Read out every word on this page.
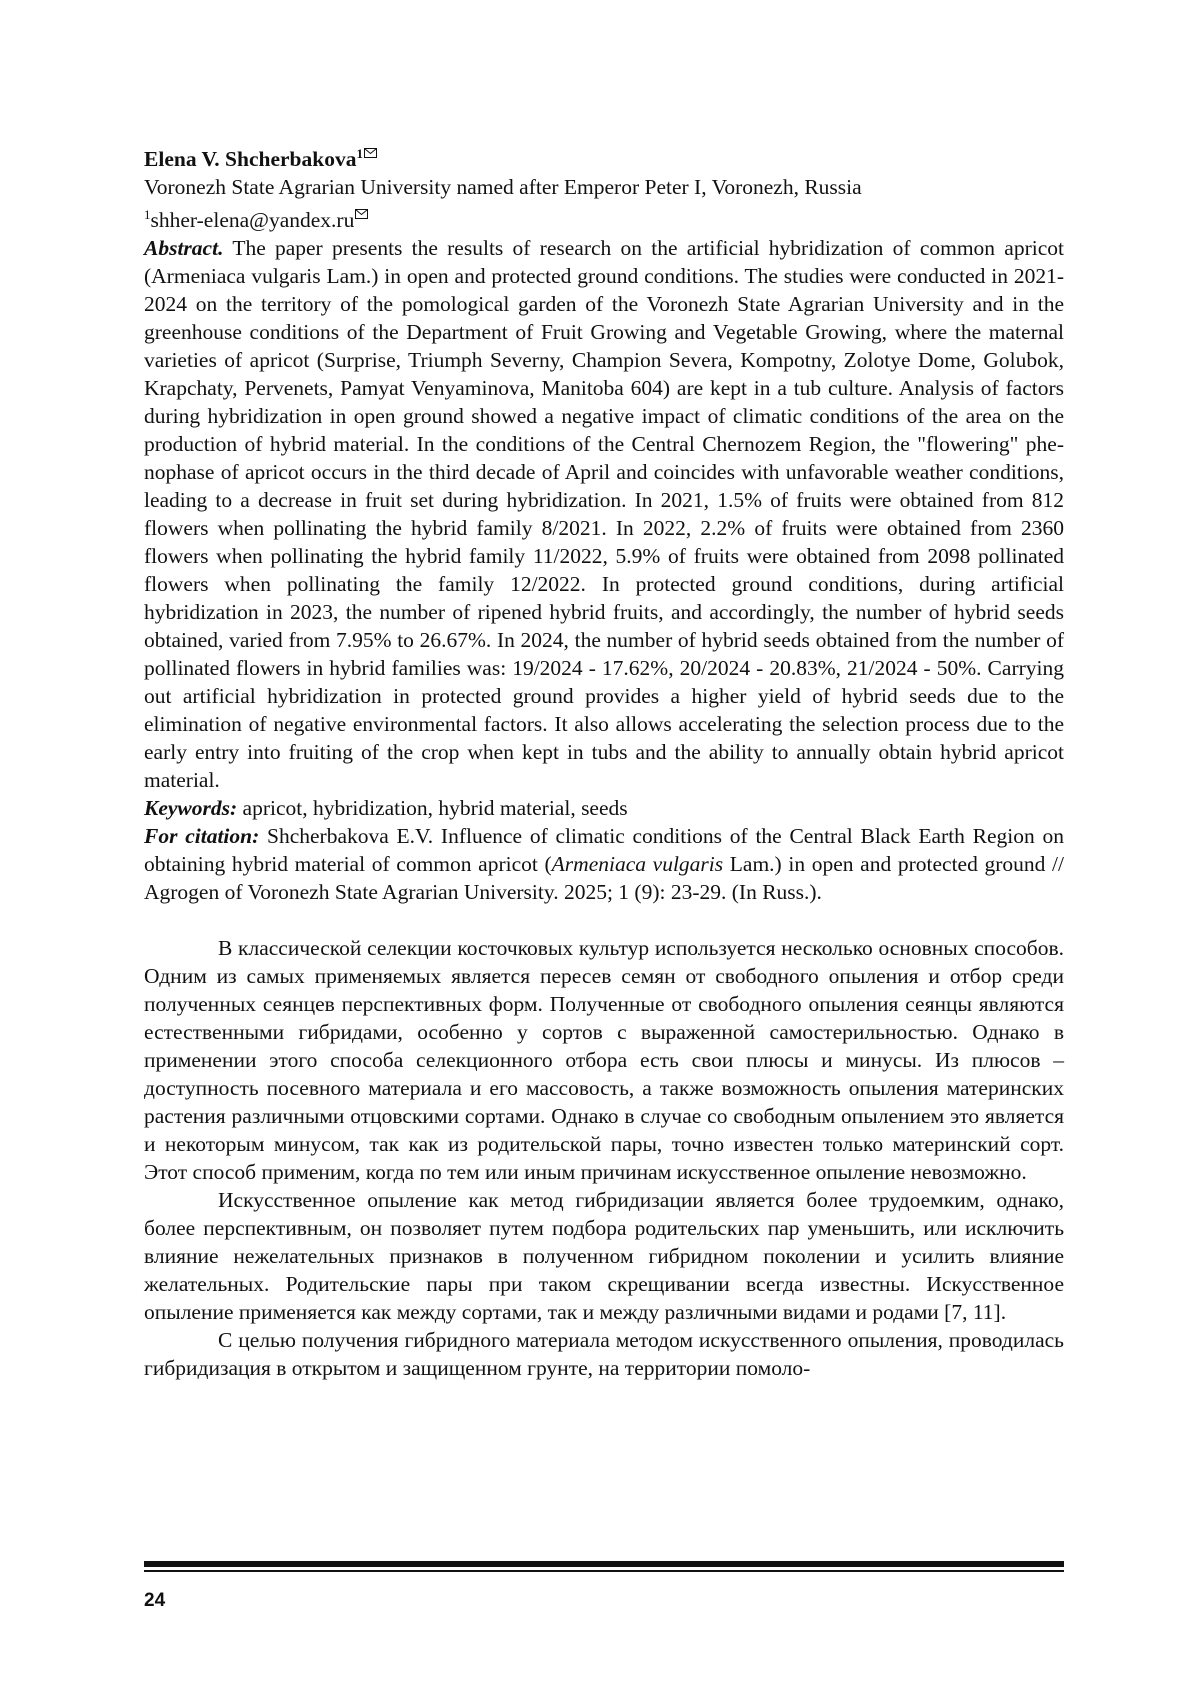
Elena V. Shcherbakova$^1$
Voronezh State Agrarian University named after Emperor Peter I, Voronezh, Russia
$^1$shher-elena@yandex.ru
Abstract. The paper presents the results of research on the artificial hybridization of common apricot (Armeniaca vulgaris Lam.) in open and protected ground conditions. The studies were conducted in 2021-2024 on the territory of the pomological garden of the Voronezh State Agrarian University and in the greenhouse conditions of the Department of Fruit Growing and Vegetable Growing, where the maternal varieties of apricot (Surprise, Triumph Severny, Champion Severa, Kompotny, Zolotye Dome, Golubok, Krapchaty, Pervenets, Pamyat Venyaminova, Manitoba 604) are kept in a tub culture. Analysis of factors during hybridization in open ground showed a negative impact of climatic conditions of the area on the production of hybrid material. In the conditions of the Central Chernozem Region, the "flowering" phenophase of apricot occurs in the third decade of April and coincides with unfavorable weather conditions, leading to a decrease in fruit set during hybridization. In 2021, 1.5% of fruits were obtained from 812 flowers when pollinating the hybrid family 8/2021. In 2022, 2.2% of fruits were obtained from 2360 flowers when pollinating the hybrid family 11/2022, 5.9% of fruits were obtained from 2098 pollinated flowers when pollinating the family 12/2022. In protected ground conditions, during artificial hybridization in 2023, the number of ripened hybrid fruits, and accordingly, the number of hybrid seeds obtained, varied from 7.95% to 26.67%. In 2024, the number of hybrid seeds obtained from the number of pollinated flowers in hybrid families was: 19/2024 - 17.62%, 20/2024 - 20.83%, 21/2024 - 50%. Carrying out artificial hybridization in protected ground provides a higher yield of hybrid seeds due to the elimination of negative environmental factors. It also allows accelerating the selection process due to the early entry into fruiting of the crop when kept in tubs and the ability to annually obtain hybrid apricot material.
Keywords: apricot, hybridization, hybrid material, seeds
For citation: Shcherbakova E.V. Influence of climatic conditions of the Central Black Earth Region on obtaining hybrid material of common apricot (Armeniaca vulgaris Lam.) in open and protected ground // Agrogen of Voronezh State Agrarian University. 2025; 1 (9): 23-29. (In Russ.).

В классической селекции косточковых культур используется несколько основных способов. Одним из самых применяемых является пересев семян от свободного опыления и отбор среди полученных сеянцев перспективных форм. Полученные от свободного опыления сеянцы являются естественными гибридами, особенно у сортов с выраженной самостерильностью. Однако в применении этого способа селекционного отбора есть свои плюсы и минусы. Из плюсов – доступность посевного материала и его массовость, а также возможность опыления материнских растения различными отцовскими сортами. Однако в случае со свободным опылением это является и некоторым минусом, так как из родительской пары, точно известен только материнский сорт. Этот способ применим, когда по тем или иным причинам искусственное опыление невозможно.

Искусственное опыление как метод гибридизации является более трудоемким, однако, более перспективным, он позволяет путем подбора родительских пар уменьшить, или исключить влияние нежелательных признаков в полученном гибридном поколении и усилить влияние желательных. Родительские пары при таком скрещивании всегда известны. Искусственное опыление применяется как между сортами, так и между различными видами и родами [7, 11].

С целью получения гибридного материала методом искусственного опыления, проводилась гибридизация в открытом и защищенном грунте, на территории помоло-

24
